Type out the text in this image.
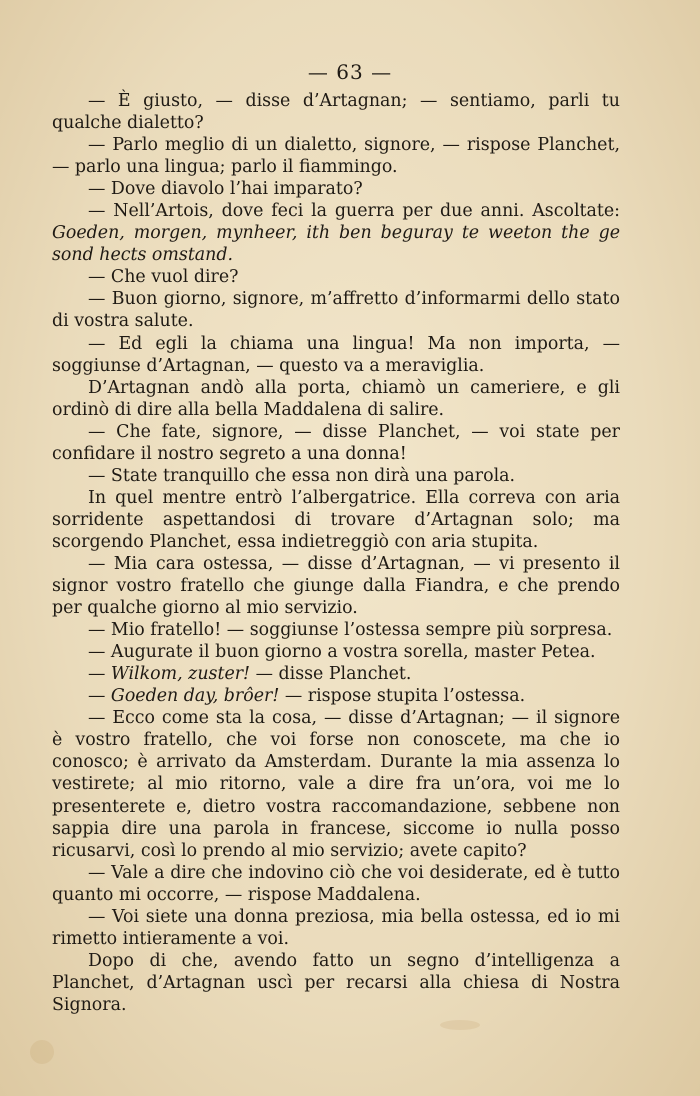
— 63 —

— È giusto, — disse d’Artagnan; — sentiamo, parli tu qualche dialetto?

— Parlo meglio di un dialetto, signore, — rispose Planchet, — parlo una lingua; parlo il fiammingo.

— Dove diavolo l’hai imparato?

— Nell’Artois, dove feci la guerra per due anni. Ascoltate: Goeden, morgen, mynheer, ith ben beguray te weeton the ge sond hects omstand.

— Che vuol dire?

— Buon giorno, signore, m’affretto d’informarmi dello stato di vostra salute.

— Ed egli la chiama una lingua! Ma non importa, — soggiunse d’Artagnan, — questo va a meraviglia.

D’Artagnan andò alla porta, chiamò un cameriere, e gli ordinò di dire alla bella Maddalena di salire.

— Che fate, signore, — disse Planchet, — voi state per confidare il nostro segreto a una donna!

— State tranquillo che essa non dirà una parola.

In quel mentre entrò l’albergatrice. Ella correva con aria sorridente aspettandosi di trovare d’Artagnan solo; ma scorgendo Planchet, essa indietreggiò con aria stupita.

— Mia cara ostessa, — disse d’Artagnan, — vi presento il signor vostro fratello che giunge dalla Fiandra, e che prendo per qualche giorno al mio servizio.

— Mio fratello! — soggiunse l’ostessa sempre più sorpresa.

— Augurate il buon giorno a vostra sorella, master Petea.

— Wilkom, zuster! — disse Planchet.

— Goeden day, brôer! — rispose stupita l’ostessa.

— Ecco come sta la cosa, — disse d’Artagnan; — il signore è vostro fratello, che voi forse non conoscete, ma che io conosco; è arrivato da Amsterdam. Durante la mia assenza lo vestirete; al mio ritorno, vale a dire fra un’ora, voi me lo presenterete e, dietro vostra raccomandazione, sebbene non sappia dire una parola in francese, siccome io nulla posso ricusarvi, così lo prendo al mio servizio; avete capito?

— Vale a dire che indovino ciò che voi desiderate, ed è tutto quanto mi occorre, — rispose Maddalena.

— Voi siete una donna preziosa, mia bella ostessa, ed io mi rimetto intieramente a voi.

Dopo di che, avendo fatto un segno d’intelligenza a Planchet, d’Artagnan uscì per recarsi alla chiesa di Nostra Signora.
